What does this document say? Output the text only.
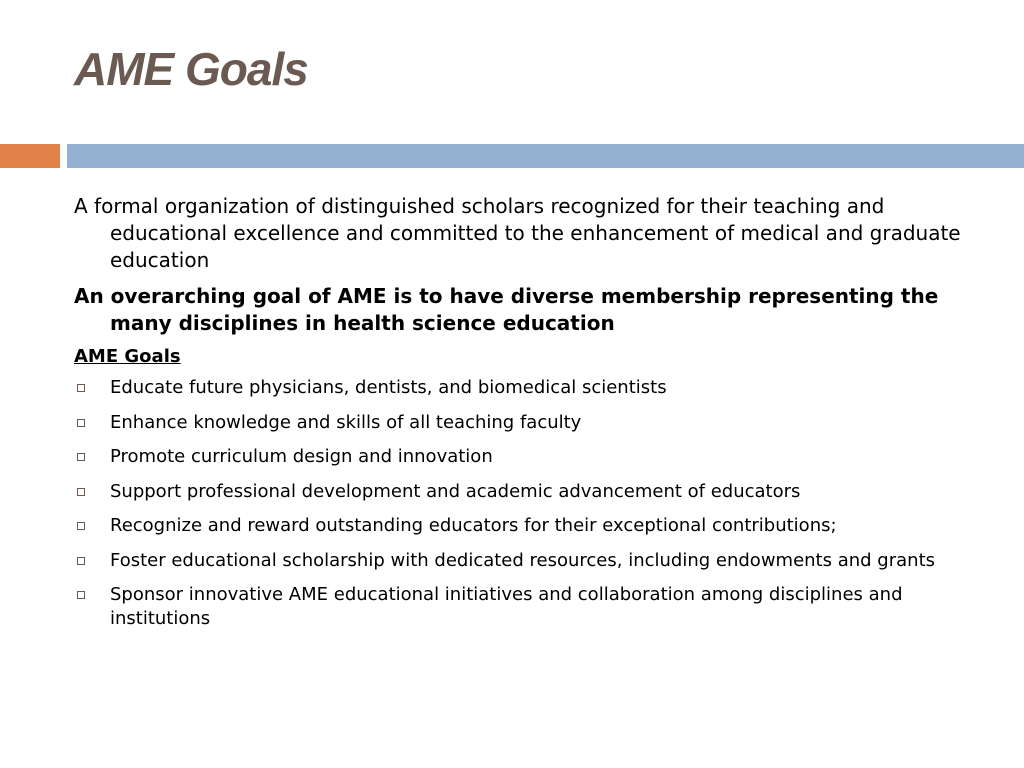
AME Goals

A formal organization of distinguished scholars recognized for their teaching and educational excellence and committed to the enhancement of medical and graduate education

An overarching goal of AME is to have diverse membership representing the many disciplines in health science education

AME Goals
Educate future physicians, dentists, and biomedical scientists
Enhance knowledge and skills of all teaching faculty
Promote curriculum design and innovation
Support professional development and academic advancement of educators
Recognize and reward outstanding educators for their exceptional contributions;
Foster educational scholarship with dedicated resources, including endowments and grants
Sponsor innovative AME educational initiatives and collaboration among disciplines and institutions
